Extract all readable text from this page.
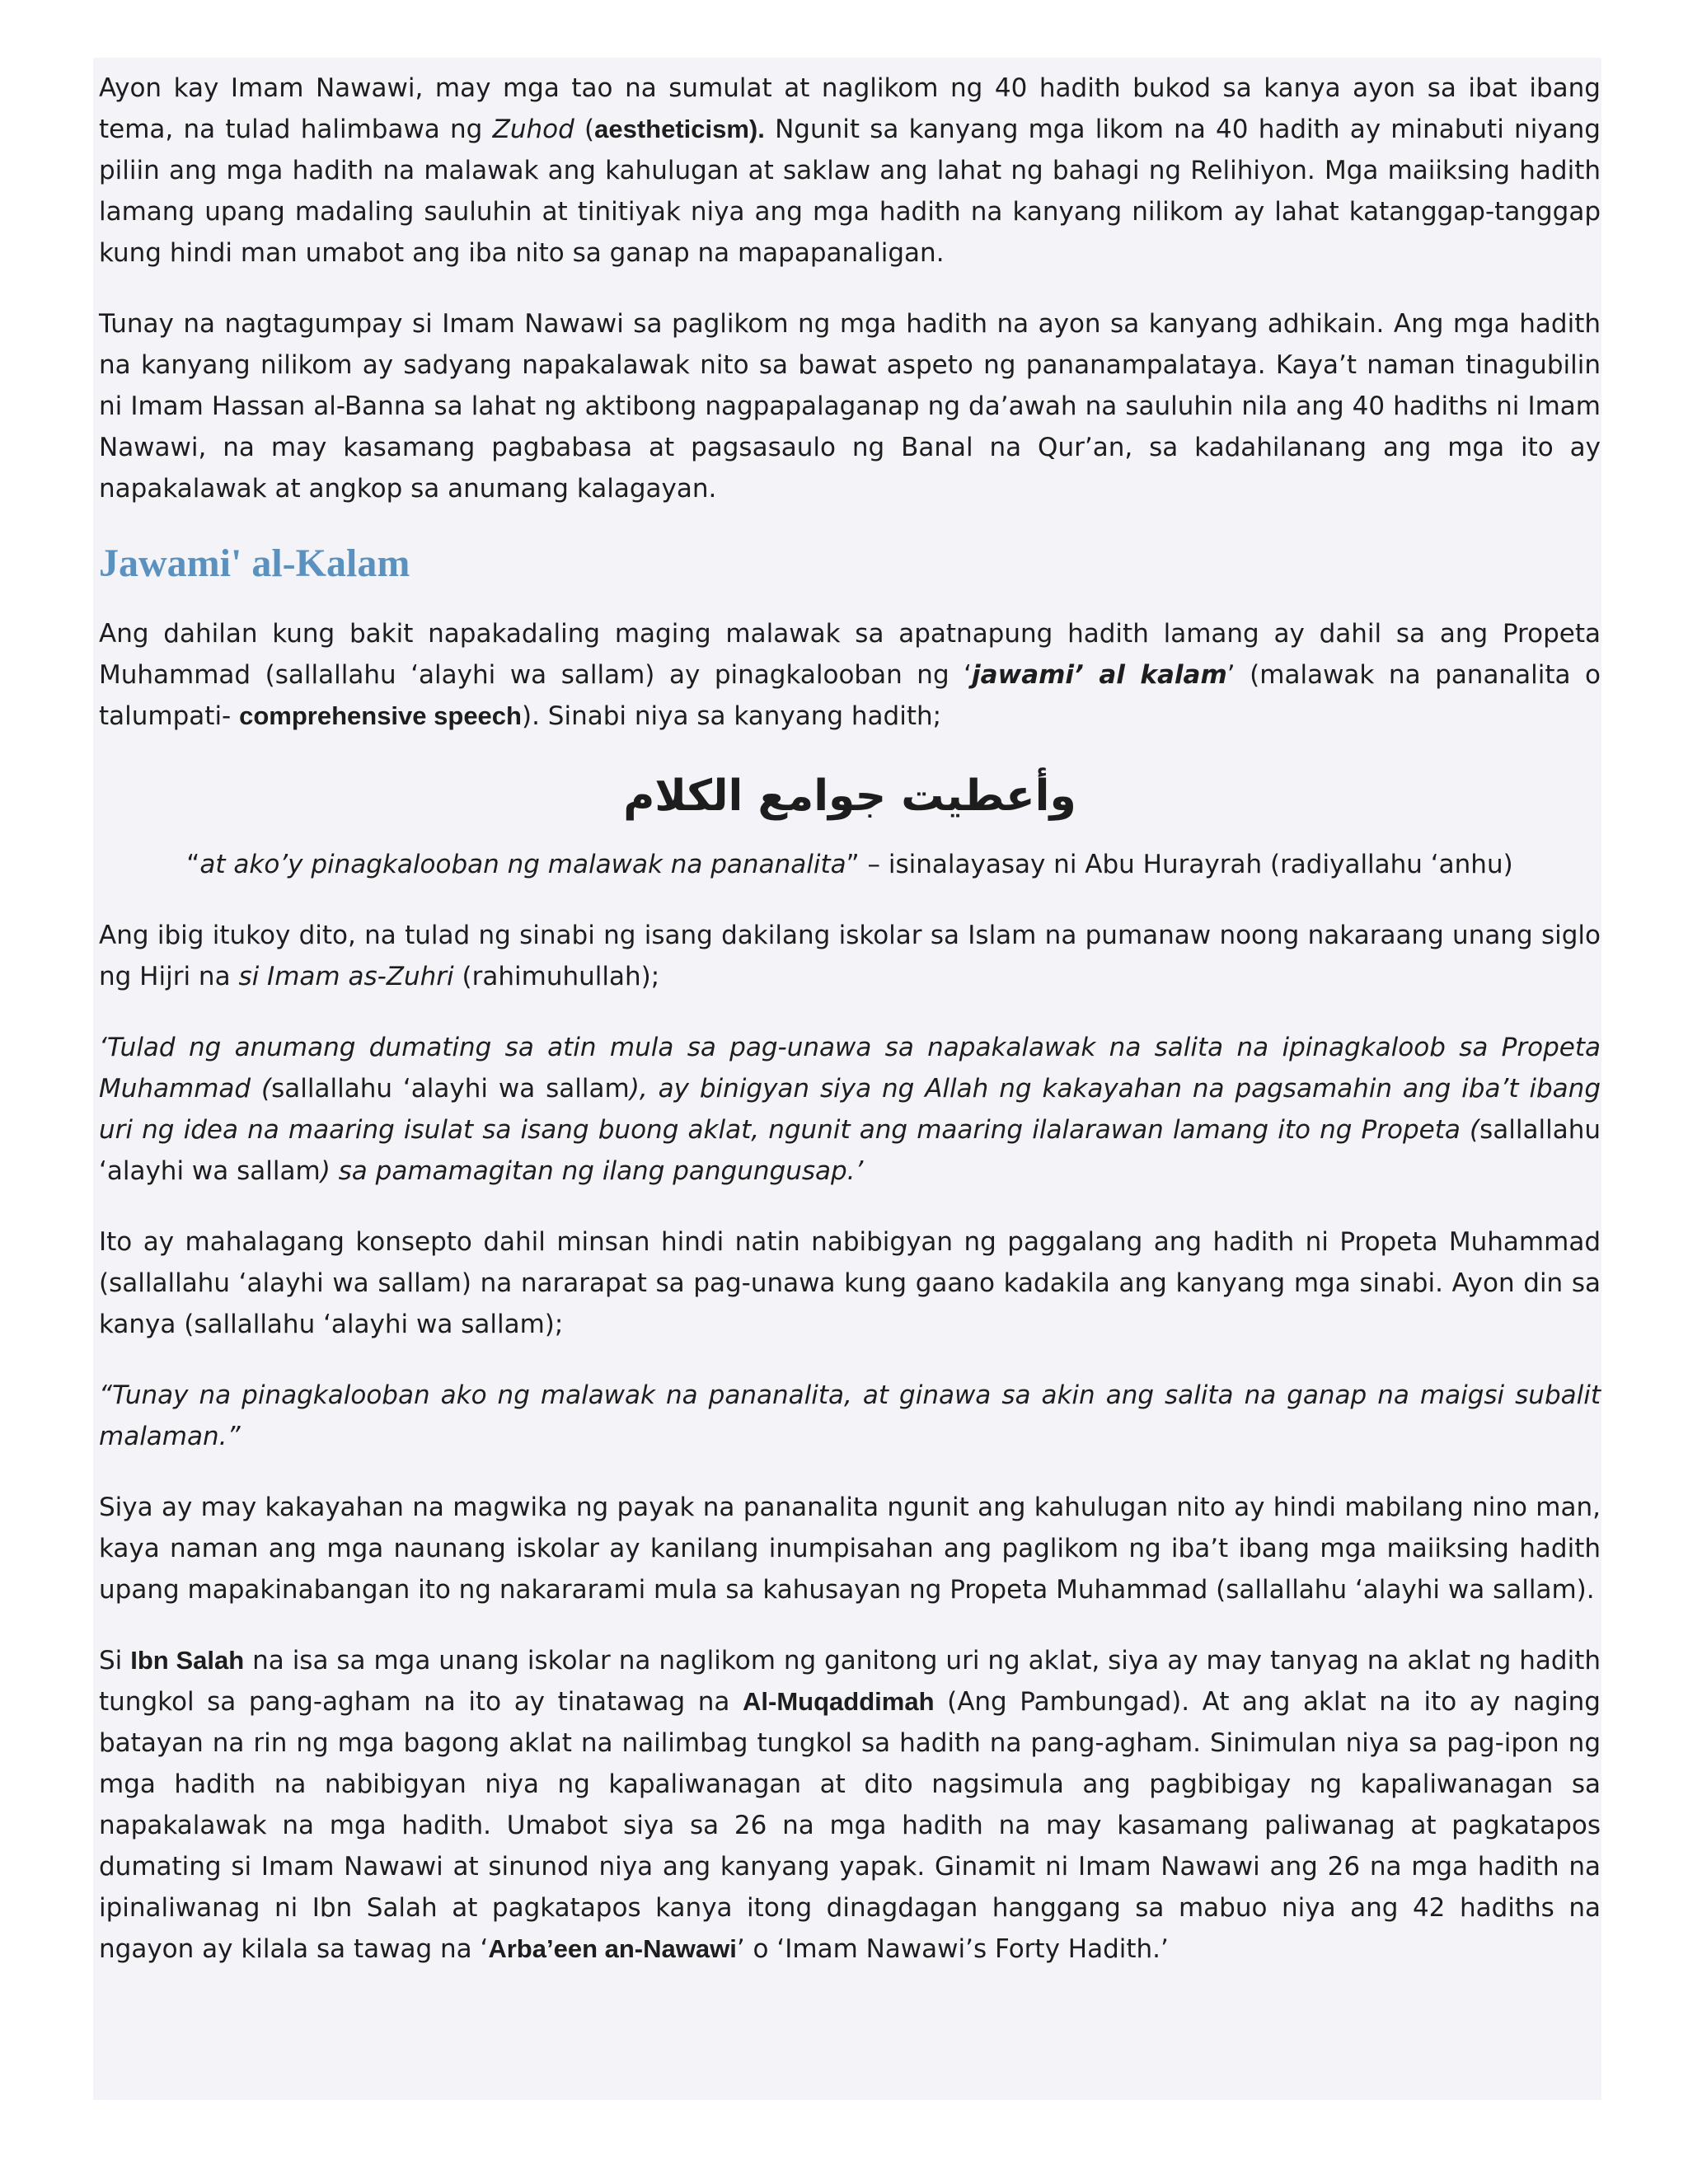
Ayon kay Imam Nawawi, may mga tao na sumulat at naglikom ng 40 hadith bukod sa kanya ayon sa ibat ibang tema, na tulad halimbawa ng Zuhod (aestheticism). Ngunit sa kanyang mga likom na 40 hadith ay minabuti niyang piliin ang mga hadith na malawak ang kahulugan at saklaw ang lahat ng bahagi ng Relihiyon. Mga maiiksing hadith lamang upang madaling sauluhin at tinitiyak niya ang mga hadith na kanyang nilikom ay lahat katanggap-tanggap kung hindi man umabot ang iba nito sa ganap na mapapanaligan.

Tunay na nagtagumpay si Imam Nawawi sa paglikom ng mga hadith na ayon sa kanyang adhikain. Ang mga hadith na kanyang nilikom ay sadyang napakalawak nito sa bawat aspeto ng pananampalataya. Kaya’t naman tinagubilin ni Imam Hassan al-Banna sa lahat ng aktibong nagpapalaganap ng da’awah na sauluhin nila ang 40 hadiths ni Imam Nawawi, na may kasamang pagbabasa at pagsasaulo ng Banal na Qur’an, sa kadahilanang ang mga ito ay napakalawak at angkop sa anumang kalagayan.

Jawami' al-Kalam

Ang dahilan kung bakit napakadaling maging malawak sa apatnapung hadith lamang ay dahil sa ang Propeta Muhammad (sallallahu ‘alayhi wa sallam) ay pinagkalooban ng ‘jawami’ al kalam’ (malawak na pananalita o talumpati- comprehensive speech). Sinabi niya sa kanyang hadith;

وأعطيت جوامع الكلام

“at ako’y pinagkalooban ng malawak na pananalita” – isinalayasay ni Abu Hurayrah (radiyallahu ‘anhu)

Ang ibig itukoy dito, na tulad ng sinabi ng isang dakilang iskolar sa Islam na pumanaw noong nakaraang unang siglo ng Hijri na si Imam as-Zuhri (rahimuhullah);

‘Tulad ng anumang dumating sa atin mula sa pag-unawa sa napakalawak na salita na ipinagkaloob sa Propeta Muhammad (sallallahu ‘alayhi wa sallam), ay binigyan siya ng Allah ng kakayahan na pagsamahin ang iba’t ibang uri ng idea na maaring isulat sa isang buong aklat, ngunit ang maaring ilalarawan lamang ito ng Propeta (sallallahu ‘alayhi wa sallam) sa pamamagitan ng ilang pangungusap.’

Ito ay mahalagang konsepto dahil minsan hindi natin nabibigyan ng paggalang ang hadith ni Propeta Muhammad (sallallahu ‘alayhi wa sallam) na nararapat sa pag-unawa kung gaano kadakila ang kanyang mga sinabi. Ayon din sa kanya (sallallahu ‘alayhi wa sallam);

“Tunay na pinagkalooban ako ng malawak na pananalita, at ginawa sa akin ang salita na ganap na maigsi subalit malaman.”

Siya ay may kakayahan na magwika ng payak na pananalita ngunit ang kahulugan nito ay hindi mabilang nino man, kaya naman ang mga naunang iskolar ay kanilang inumpisahan ang paglikom ng iba’t ibang mga maiiksing hadith upang mapakinabangan ito ng nakararami mula sa kahusayan ng Propeta Muhammad (sallallahu ‘alayhi wa sallam).

Si Ibn Salah na isa sa mga unang iskolar na naglikom ng ganitong uri ng aklat, siya ay may tanyag na aklat ng hadith tungkol sa pang-agham na ito ay tinatawag na Al-Muqaddimah (Ang Pambungad). At ang aklat na ito ay naging batayan na rin ng mga bagong aklat na nailimbag tungkol sa hadith na pang-agham. Sinimulan niya sa pag-ipon ng mga hadith na nabibigyan niya ng kapaliwanagan at dito nagsimula ang pagbibigay ng kapaliwanagan sa napakalawak na mga hadith. Umabot siya sa 26 na mga hadith na may kasamang paliwanag at pagkatapos dumating si Imam Nawawi at sinunod niya ang kanyang yapak. Ginamit ni Imam Nawawi ang 26 na mga hadith na ipinaliwanag ni Ibn Salah at pagkatapos kanya itong dinagdagan hanggang sa mabuo niya ang 42 hadiths na ngayon ay kilala sa tawag na ‘Arba’een an-Nawawi’ o ‘Imam Nawawi’s Forty Hadith.’
